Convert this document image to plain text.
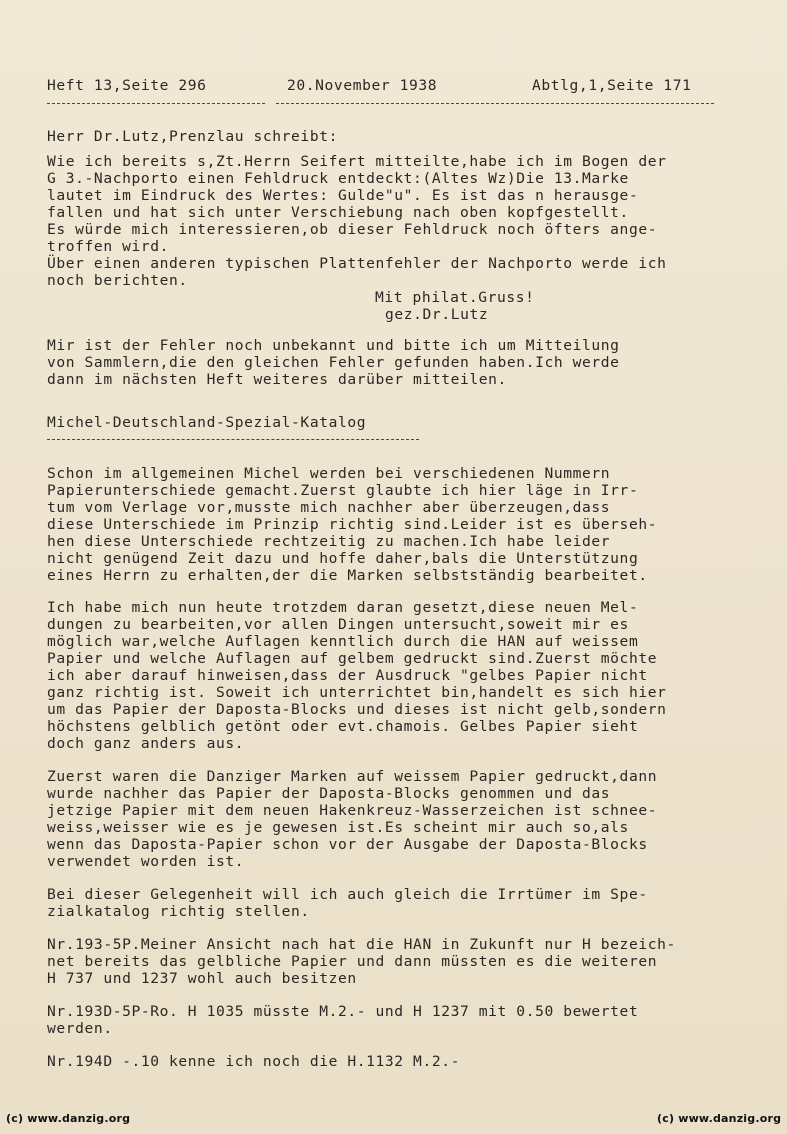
Heft 13,Seite 296	20.November 1938	Abtlg,1,Seite 171
Herr Dr.Lutz,Prenzlau schreibt:
Wie ich bereits s,Zt.Herrn Seifert mitteilte,habe ich im Bogen der
G 3.-Nachporto einen Fehldruck entdeckt:(Altes Wz)Die 13.Marke
lautet im Eindruck des Wertes: Gulde"u". Es ist das n herausge-
fallen und hat sich unter Verschiebung nach oben kopfgestellt.
Es würde mich interessieren,ob dieser Fehldruck noch öfters ange-
troffen wird.
Über einen anderen typischen Plattenfehler der Nachporto werde ich
noch berichten.
Mit philat.Gruss!
gez.Dr.Lutz
Mir ist der Fehler noch unbekannt und bitte ich um Mitteilung
von Sammlern,die den gleichen Fehler gefunden haben.Ich werde
dann im nächsten Heft weiteres darüber mitteilen.
Michel-Deutschland-Spezial-Katalog
Schon im allgemeinen Michel werden bei verschiedenen Nummern
Papierunterschiede gemacht.Zuerst glaubte ich hier läge in Irr-
tum vom Verlage vor,musste mich nachher aber überzeugen,dass
diese Unterschiede im Prinzip richtig sind.Leider ist es überseh-
hen diese Unterschiede rechtzeitig zu machen.Ich habe leider
nicht genügend Zeit dazu und hoffe daher,bals die Unterstützung
eines Herrn zu erhalten,der die Marken selbstständig bearbeitet.
Ich habe mich nun heute trotzdem daran gesetzt,diese neuen Mel-
dungen zu bearbeiten,vor allen Dingen untersucht,soweit mir es
möglich war,welche Auflagen kenntlich durch die HAN auf weissem
Papier und welche Auflagen auf gelbem gedruckt sind.Zuerst möchte
ich aber darauf hinweisen,dass der Ausdruck "gelbes Papier nicht
ganz richtig ist. Soweit ich unterrichtet bin,handelt es sich hier
um das Papier der Daposta-Blocks und dieses ist nicht gelb,sondern
höchstens gelblich getönt oder evt.chamois. Gelbes Papier sieht
doch ganz anders aus.
Zuerst waren die Danziger Marken auf weissem Papier gedruckt,dann
wurde nachher das Papier der Daposta-Blocks genommen und das
jetzige Papier mit dem neuen Hakenkreuz-Wasserzeichen ist schnee-
weiss,weisser wie es je gewesen ist.Es scheint mir auch so,als
wenn das Daposta-Papier schon vor der Ausgabe der Daposta-Blocks
verwendet worden ist.
Bei dieser Gelegenheit will ich auch gleich die Irrtümer im Spe-
zialkatalog richtig stellen.
Nr.193-5P.Meiner Ansicht nach hat die HAN in Zukunft nur H bezeich-
net bereits das gelbliche Papier und dann müssten es die weiteren
H 737 und 1237 wohl auch besitzen
Nr.193D-5P-Ro. H 1035 müsste M.2.- und H 1237 mit 0.50 bewertet
werden.
Nr.194D -.10 kenne ich noch die H.1132 M.2.-
(c) www.danzig.org	(c) www.danzig.org
